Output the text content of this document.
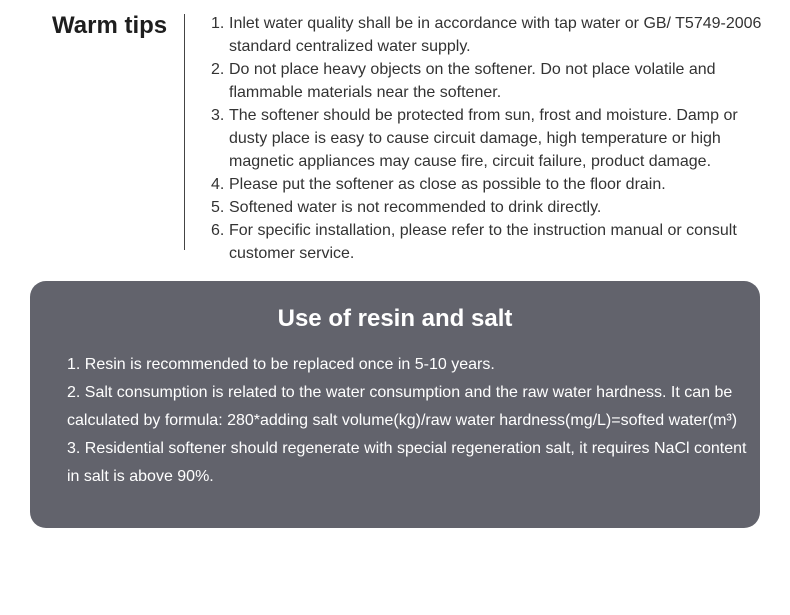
Warm tips	1. Inlet water quality shall be in accordance with tap water or GB/ T5749-2006 standard centralized water supply.
2. Do not place heavy objects on the softener. Do not place volatile and flammable materials near the softener.
3. The softener should be protected from sun, frost and moisture. Damp or dusty place is easy to cause circuit damage, high temperature or high magnetic appliances may cause fire, circuit failure, product damage.
4. Please put the softener as close as possible to the floor drain.
5. Softened water is not recommended to drink directly.
6. For specific installation, please refer to the instruction manual or consult customer service.
Use of resin and salt

1. Resin is recommended to be replaced once in 5-10 years.

2. Salt consumption is related to the water consumption and the raw water hardness. It can be calculated by formula: 280*adding salt volume(kg)/raw water hardness(mg/L)=softed water(m³)

3. Residential softener should regenerate with special regeneration salt, it requires NaCl content in salt is above 90%.
